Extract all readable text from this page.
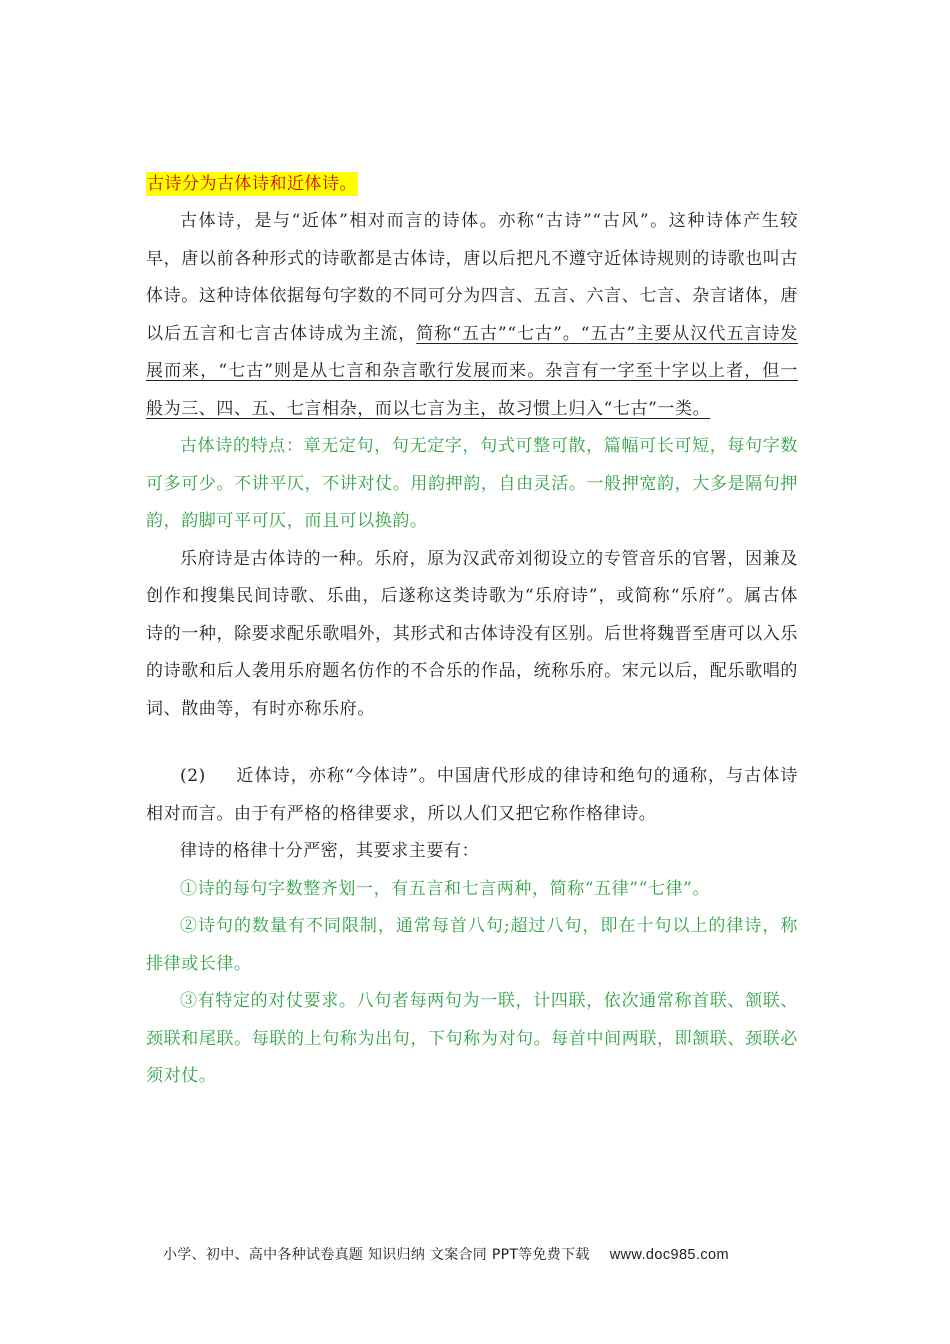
古诗分为古体诗和近体诗。

古体诗，是与“近体”相对而言的诗体。亦称“古诗”“古风”。这种诗体产生较早，唐以前各种形式的诗歌都是古体诗，唐以后把凡不遵守近体诗规则的诗歌也叫古体诗。这种诗体依据每句字数的不同可分为四言、五言、六言、七言、杂言诸体，唐以后五言和七言古体诗成为主流，简称“五古”“七古”。“五古”主要从汉代五言诗发展而来，“七古”则是从七言和杂言歌行发展而来。杂言有一字至十字以上者，但一般为三、四、五、七言相杂，而以七言为主，故习惯上归入“七古”一类。

古体诗的特点：章无定句，句无定字，句式可整可散，篇幅可长可短，每句字数可多可少。不讲平仄，不讲对仗。用韵押韵，自由灵活。一般押宽韵，大多是隔句押韵，韵脚可平可仄，而且可以换韵。

乐府诗是古体诗的一种。乐府，原为汉武帝刘彻设立的专管音乐的官署，因兼及创作和搜集民间诗歌、乐曲，后遂称这类诗歌为“乐府诗”，或简称“乐府”。属古体诗的一种，除要求配乐歌唱外，其形式和古体诗没有区别。后世将魏晋至唐可以入乐的诗歌和后人袭用乐府题名仿作的不合乐的作品，统称乐府。宋元以后，配乐歌唱的词、散曲等，有时亦称乐府。

(2) 近体诗，亦称“今体诗”。中国唐代形成的律诗和绝句的通称，与古体诗相对而言。由于有严格的格律要求，所以人们又把它称作格律诗。

律诗的格律十分严密，其要求主要有：

①诗的每句字数整齐划一，有五言和七言两种，简称“五律”“七律”。

②诗句的数量有不同限制，通常每首八句;超过八句，即在十句以上的律诗，称排律或长律。

③有特定的对仗要求。八句者每两句为一联，计四联，依次通常称首联、颔联、颈联和尾联。每联的上句称为出句，下句称为对句。每首中间两联，即颔联、颈联必须对仗。

小学、初中、高中各种试卷真题 知识归纳 文案合同 PPT等免费下载 www.doc985.com
